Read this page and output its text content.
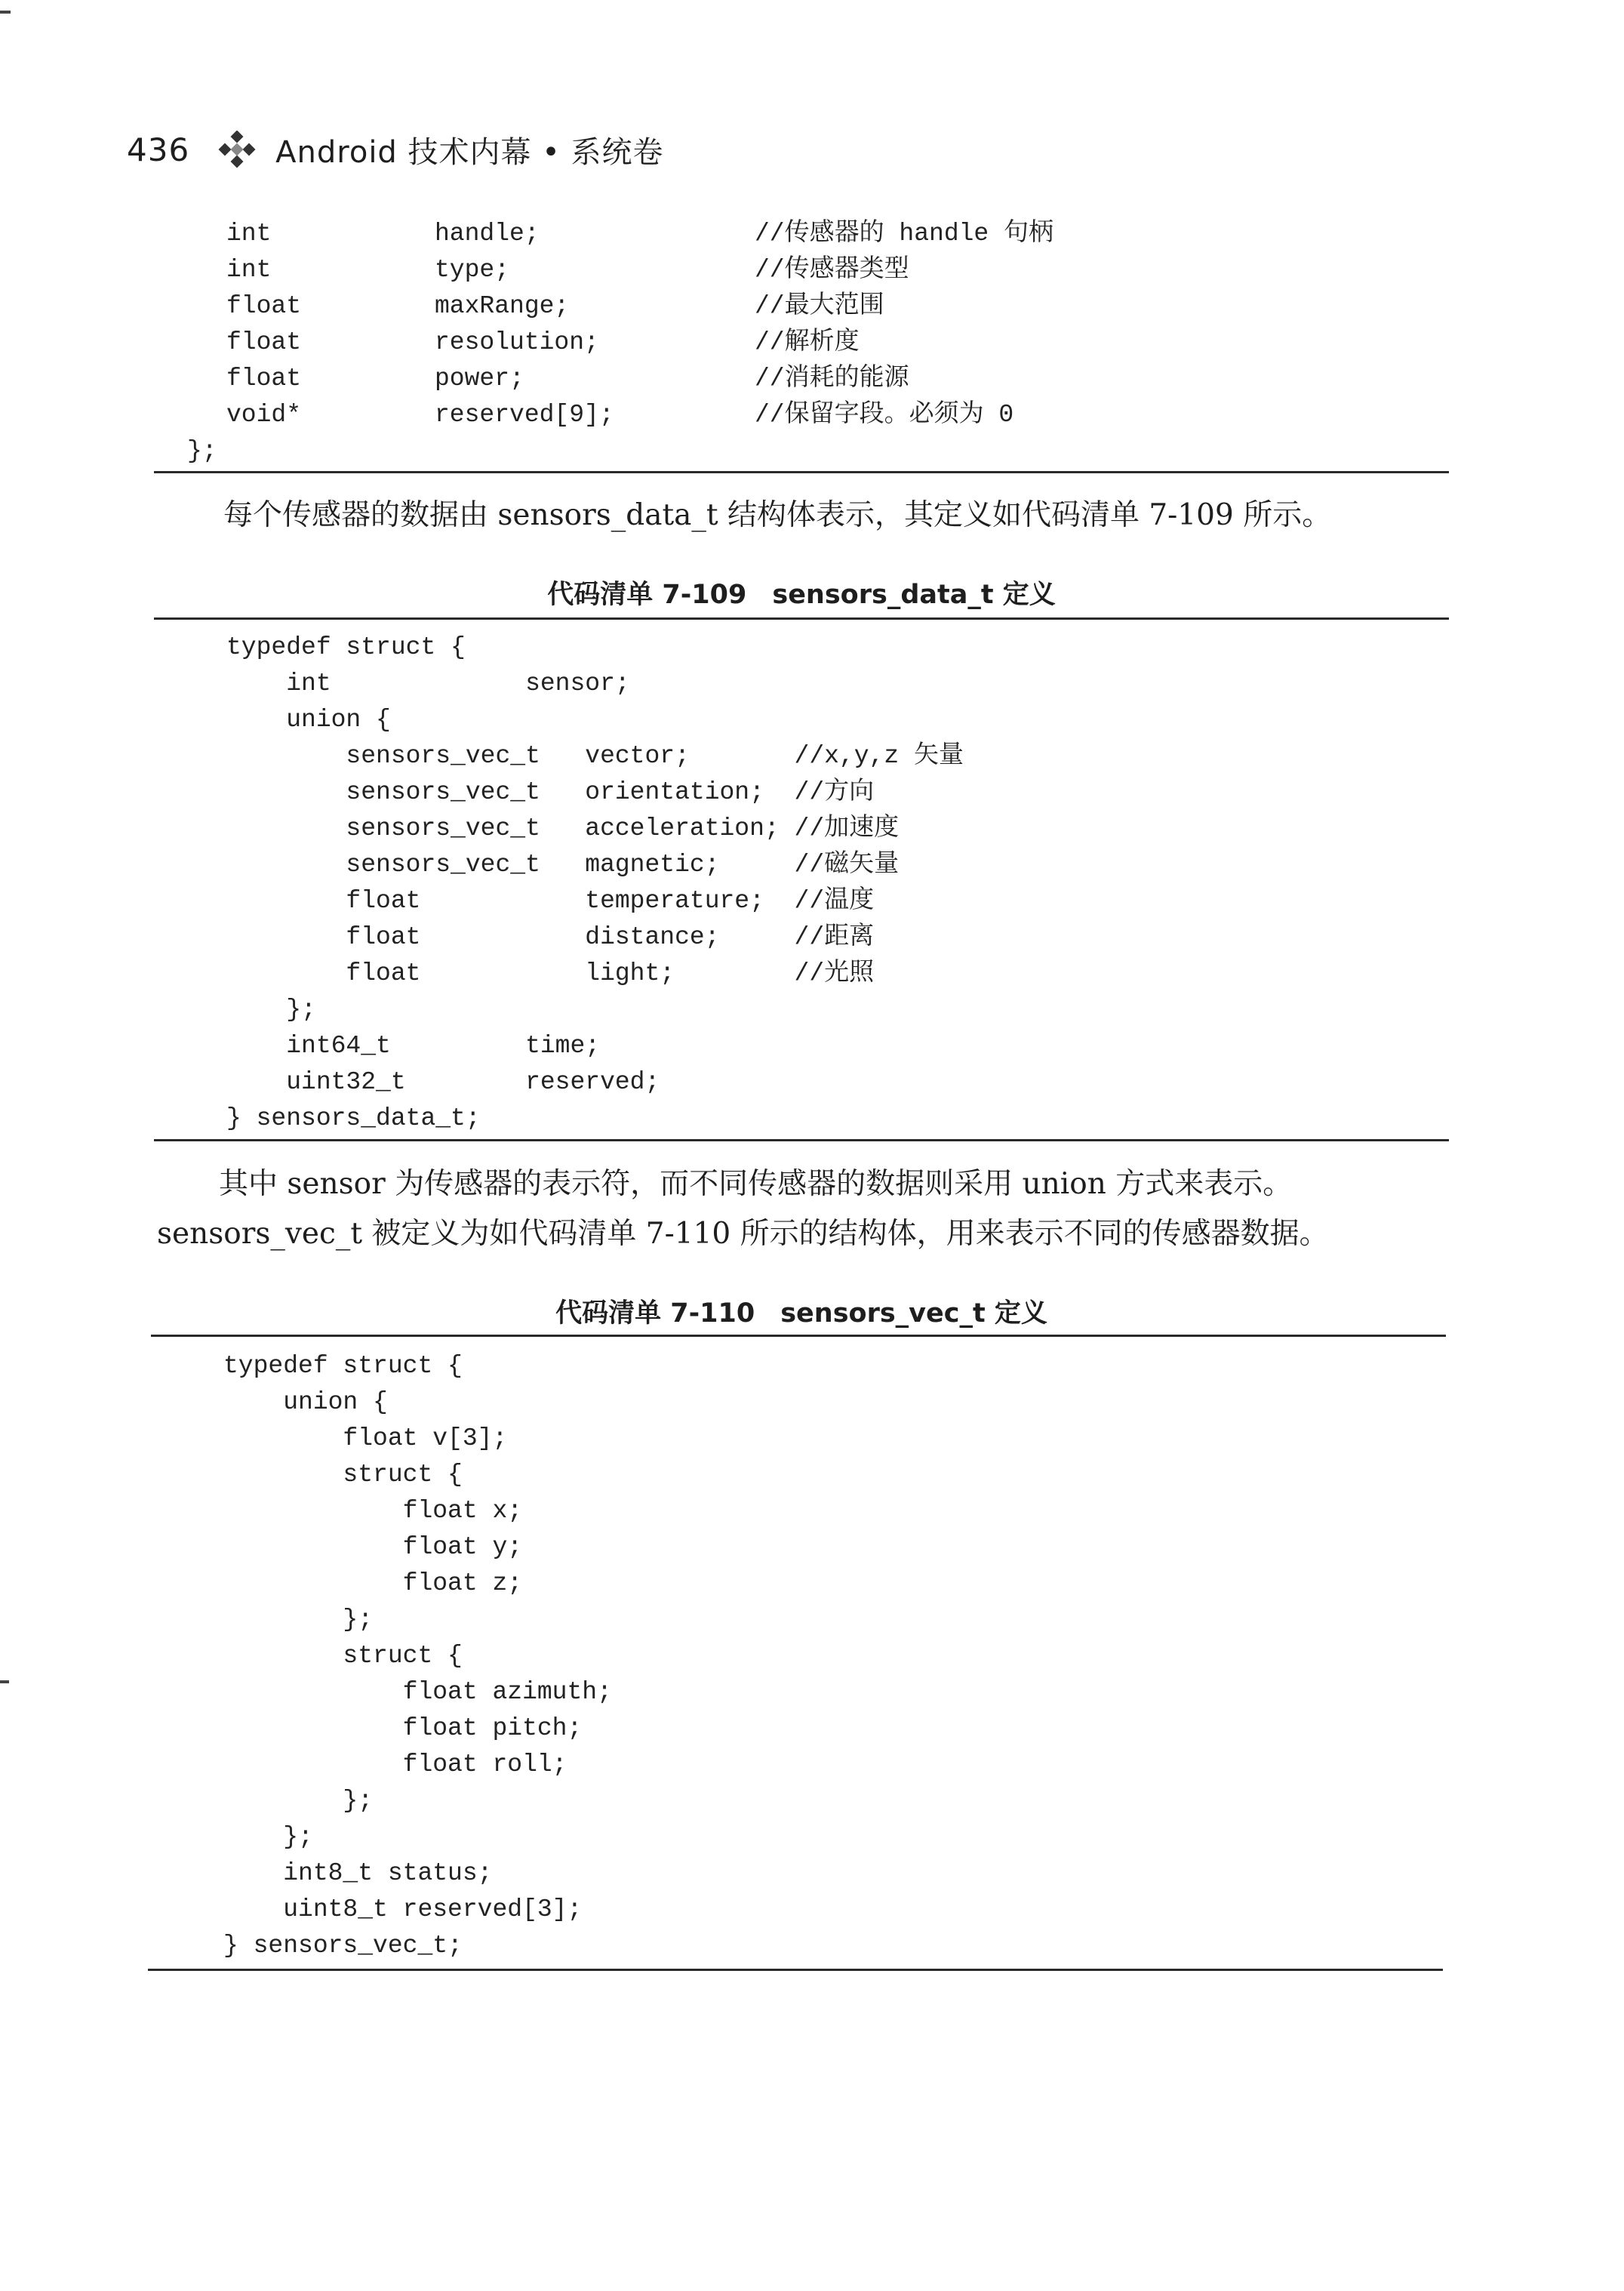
436	Android 技术内幕 • 系统卷
int	handle;	//传感器的 handle 句柄
int	type;	//传感器类型
float	maxRange;	//最大范围
float	resolution;	//解析度
float	power;	//消耗的能源
void*	reserved[9];	//保留字段。必须为 0
};
每个传感器的数据由 sensors_data_t 结构体表示，其定义如代码清单 7-109 所示。
代码清单 7-109 sensors_data_t 定义
typedef struct {
int             sensor;
union {
sensors_vec_t   vector;       //x,y,z 矢量
sensors_vec_t   orientation;  //方向
sensors_vec_t   acceleration; //加速度
sensors_vec_t   magnetic;     //磁矢量
float           temperature;  //温度
float           distance;     //距离
float           light;        //光照
};
int64_t         time;
uint32_t        reserved;
} sensors_data_t;
其中 sensor 为传感器的表示符，而不同传感器的数据则采用 union 方式来表示。
sensors_vec_t 被定义为如代码清单 7-110 所示的结构体，用来表示不同的传感器数据。
代码清单 7-110 sensors_vec_t 定义
typedef struct {
union {
float v[3];
struct {
float x;
float y;
float z;
};
struct {
float azimuth;
float pitch;
float roll;
};
};
int8_t status;
uint8_t reserved[3];
} sensors_vec_t;
